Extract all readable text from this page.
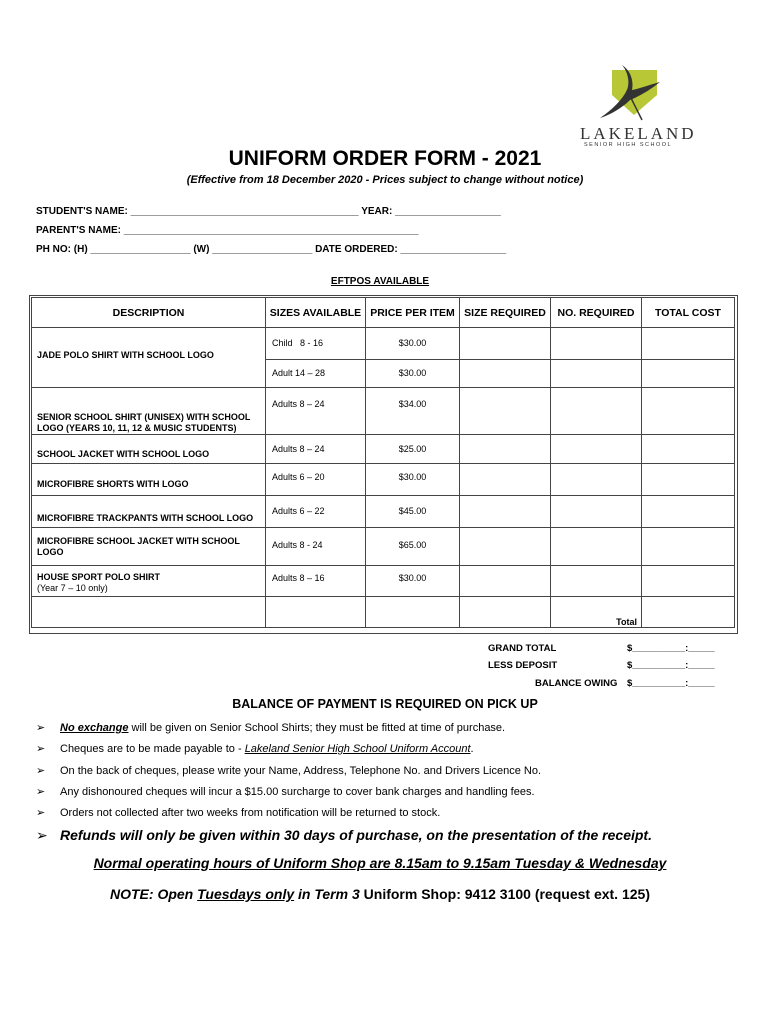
LAKELAND
SENIOR HIGH SCHOOL
UNIFORM ORDER FORM - 2021
(Effective from 18 December 2020 - Prices subject to change without notice)
STUDENT'S NAME: _________________________________________ YEAR: ___________________
PARENT'S NAME: _____________________________________________________
PH NO: (H) __________________ (W) __________________ DATE ORDERED: ___________________
EFTPOS AVAILABLE
DESCRIPTION	SIZES AVAILABLE	PRICE PER ITEM	SIZE REQUIRED	NO. REQUIRED	TOTAL COST
JADE POLO SHIRT WITH SCHOOL LOGO	Child   8 - 16	$30.00			
	Adult 14 – 28	$30.00			
SENIOR SCHOOL SHIRT (UNISEX) WITH SCHOOL LOGO (YEARS 10, 11, 12 & MUSIC STUDENTS)	Adults 8 – 24	$34.00			
SCHOOL JACKET WITH SCHOOL LOGO	Adults 8 – 24	$25.00			
MICROFIBRE SHORTS WITH LOGO	Adults 6 – 20	$30.00			
MICROFIBRE TRACKPANTS WITH SCHOOL LOGO	Adults 6 – 22	$45.00			
MICROFIBRE SCHOOL JACKET WITH SCHOOL LOGO	Adults 8 - 24	$65.00			
HOUSE SPORT POLO SHIRT
(Year 7 – 10 only)	Adults 8 – 16	$30.00			
				Total	
GRAND TOTAL	$__________:_____
LESS DEPOSIT	$__________:_____
BALANCE OWING $__________:_____
BALANCE OF PAYMENT IS REQUIRED ON PICK UP
➢ No exchange will be given on Senior School Shirts; they must be fitted at time of purchase.
➢ Cheques are to be made payable to - Lakeland Senior High School Uniform Account.
➢ On the back of cheques, please write your Name, Address, Telephone No. and Drivers Licence No.
➢ Any dishonoured cheques will incur a $15.00 surcharge to cover bank charges and handling fees.
➢ Orders not collected after two weeks from notification will be returned to stock.
➢ Refunds will only be given within 30 days of purchase, on the presentation of the receipt.
Normal operating hours of Uniform Shop are 8.15am to 9.15am Tuesday & Wednesday
NOTE: Open Tuesdays only in Term 3 Uniform Shop: 9412 3100 (request ext. 125)
